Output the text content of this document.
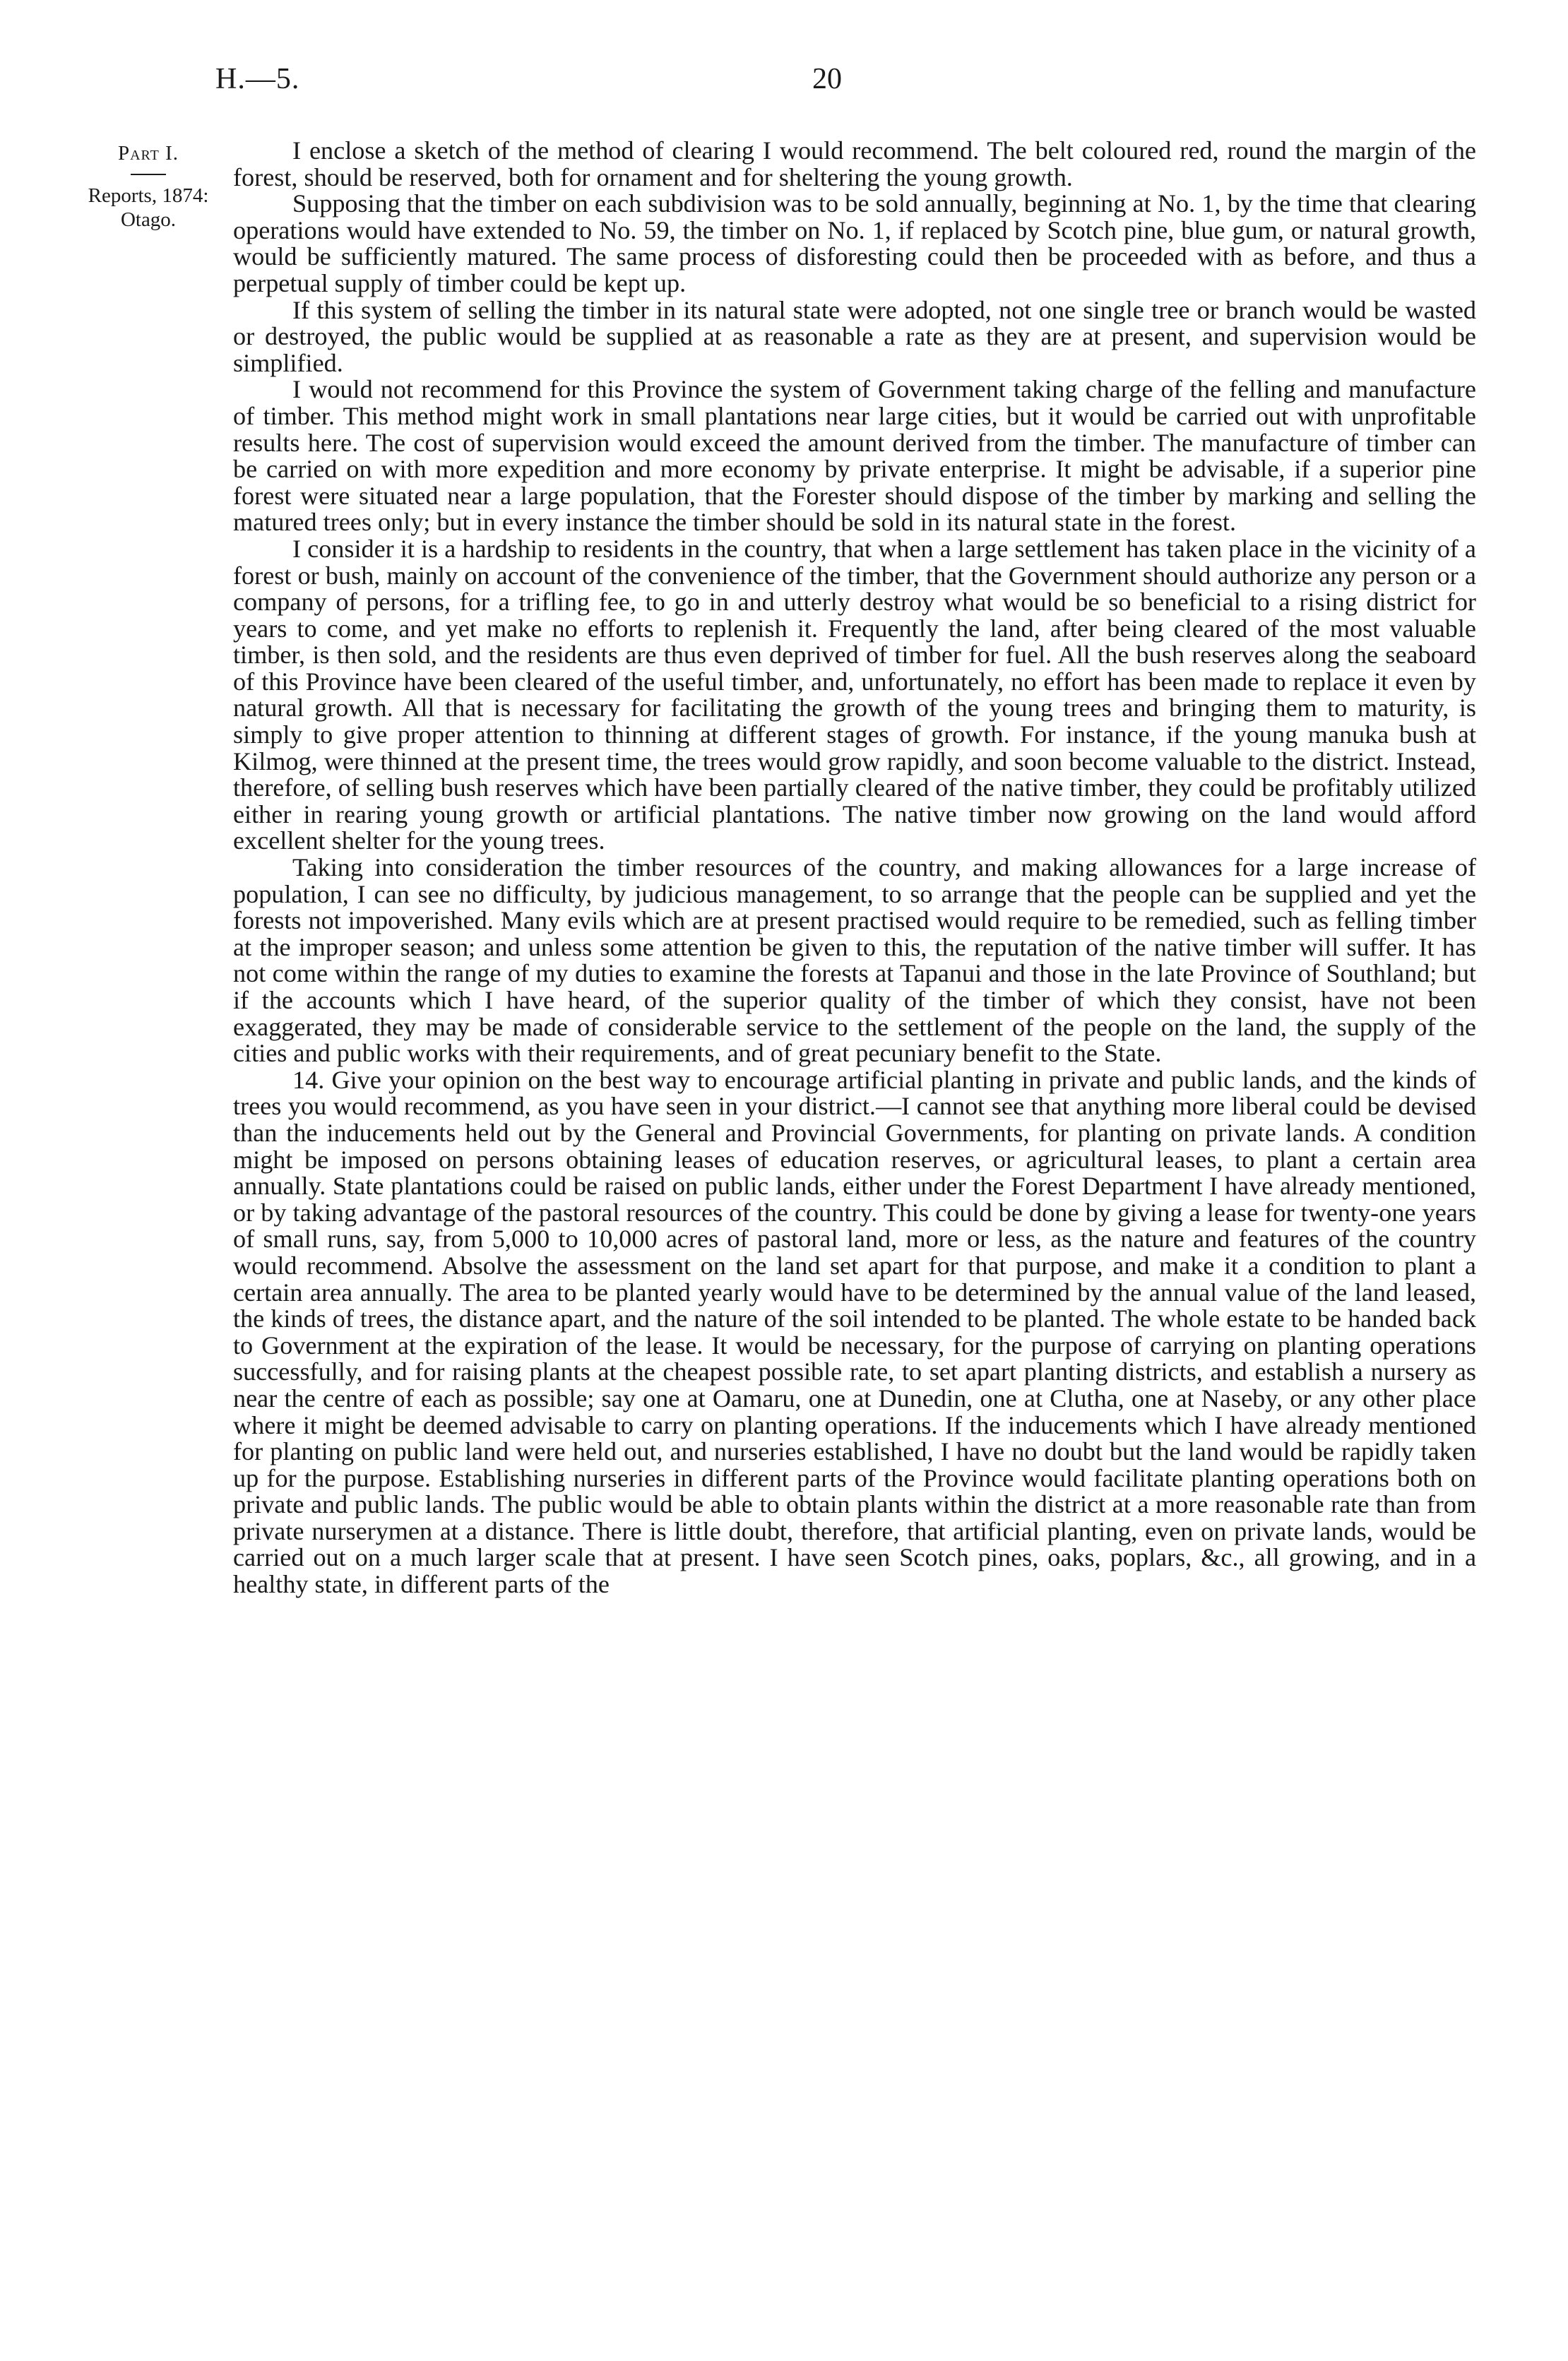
H.—5.	20
Part I.
Reports, 1874:
Otago.

I enclose a sketch of the method of clearing I would recommend. The belt coloured red, round the margin of the forest, should be reserved, both for ornament and for sheltering the young growth.

Supposing that the timber on each subdivision was to be sold annually, beginning at No. 1, by the time that clearing operations would have extended to No. 59, the timber on No. 1, if replaced by Scotch pine, blue gum, or natural growth, would be sufficiently matured. The same process of disforesting could then be proceeded with as before, and thus a perpetual supply of timber could be kept up.

If this system of selling the timber in its natural state were adopted, not one single tree or branch would be wasted or destroyed, the public would be supplied at as reasonable a rate as they are at present, and supervision would be simplified.

I would not recommend for this Province the system of Government taking charge of the felling and manufacture of timber. This method might work in small plantations near large cities, but it would be carried out with unprofitable results here. The cost of supervision would exceed the amount derived from the timber. The manufacture of timber can be carried on with more expedition and more economy by private enterprise. It might be advisable, if a superior pine forest were situated near a large population, that the Forester should dispose of the timber by marking and selling the matured trees only; but in every instance the timber should be sold in its natural state in the forest.

I consider it is a hardship to residents in the country, that when a large settlement has taken place in the vicinity of a forest or bush, mainly on account of the convenience of the timber, that the Government should authorize any person or a company of persons, for a trifling fee, to go in and utterly destroy what would be so beneficial to a rising district for years to come, and yet make no efforts to replenish it. Frequently the land, after being cleared of the most valuable timber, is then sold, and the residents are thus even deprived of timber for fuel. All the bush reserves along the seaboard of this Province have been cleared of the useful timber, and, unfortunately, no effort has been made to replace it even by natural growth. All that is necessary for facilitating the growth of the young trees and bringing them to maturity, is simply to give proper attention to thinning at different stages of growth. For instance, if the young manuka bush at Kilmog, were thinned at the present time, the trees would grow rapidly, and soon become valuable to the district. Instead, therefore, of selling bush reserves which have been partially cleared of the native timber, they could be profitably utilized either in rearing young growth or artificial plantations. The native timber now growing on the land would afford excellent shelter for the young trees.

Taking into consideration the timber resources of the country, and making allowances for a large increase of population, I can see no difficulty, by judicious management, to so arrange that the people can be supplied and yet the forests not impoverished. Many evils which are at present practised would require to be remedied, such as felling timber at the improper season; and unless some attention be given to this, the reputation of the native timber will suffer. It has not come within the range of my duties to examine the forests at Tapanui and those in the late Province of Southland; but if the accounts which I have heard, of the superior quality of the timber of which they consist, have not been exaggerated, they may be made of considerable service to the settlement of the people on the land, the supply of the cities and public works with their requirements, and of great pecuniary benefit to the State.

14. Give your opinion on the best way to encourage artificial planting in private and public lands, and the kinds of trees you would recommend, as you have seen in your district.—I cannot see that anything more liberal could be devised than the inducements held out by the General and Provincial Governments, for planting on private lands. A condition might be imposed on persons obtaining leases of education reserves, or agricultural leases, to plant a certain area annually. State plantations could be raised on public lands, either under the Forest Department I have already mentioned, or by taking advantage of the pastoral resources of the country. This could be done by giving a lease for twenty-one years of small runs, say, from 5,000 to 10,000 acres of pastoral land, more or less, as the nature and features of the country would recommend. Absolve the assessment on the land set apart for that purpose, and make it a condition to plant a certain area annually. The area to be planted yearly would have to be determined by the annual value of the land leased, the kinds of trees, the distance apart, and the nature of the soil intended to be planted. The whole estate to be handed back to Government at the expiration of the lease. It would be necessary, for the purpose of carrying on planting operations successfully, and for raising plants at the cheapest possible rate, to set apart planting districts, and establish a nursery as near the centre of each as possible; say one at Oamaru, one at Dunedin, one at Clutha, one at Naseby, or any other place where it might be deemed advisable to carry on planting operations. If the inducements which I have already mentioned for planting on public land were held out, and nurseries established, I have no doubt but the land would be rapidly taken up for the purpose. Establishing nurseries in different parts of the Province would facilitate planting operations both on private and public lands. The public would be able to obtain plants within the district at a more reasonable rate than from private nurserymen at a distance. There is little doubt, therefore, that artificial planting, even on private lands, would be carried out on a much larger scale that at present. I have seen Scotch pines, oaks, poplars, &c., all growing, and in a healthy state, in different parts of the
